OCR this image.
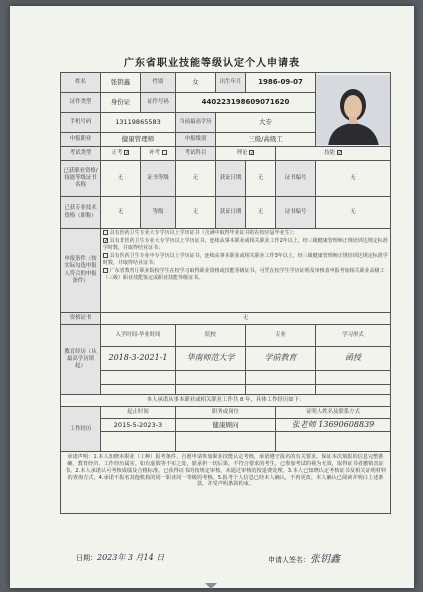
广东省职业技能等级认定个人申请表
姓名	张钥鑫	性别	女	出生年月	1986-09-07	

证件类型	身份证	证件号码	440223198609071620				
手机号码	13119865583		当前最高学历	大专			
申报职业	健康管理师		申报级别	三级/高级工			
考试类型	正考 ✓	补考	考试科目	理论 ✓		技能 ✓	
已获职业资格/技能等级证书名称	无	证书等级	无	获证日期	无	证书编号	无
已获专业技术资格（职称）	无	等级	无	获证日期	无	证书编号	无
申报条件（按实际勾选申报人符合的申报条件）	具有医药卫生专业大专学历以上学历证书（含满中取得毕业证书的在校应届毕业生）；
✓ 具有非医药卫生专业大专学历以上学历证书，连续从事本职业或相关职业工作2年以上，经三级健康管理师正规培训达规定标准学时数，并取得结业证书；
具有医药卫生专业中专学历以上学历证书，连续从事本职业或相关职业工作3年以上，经三级健康管理师正规培训达规定标准学时数，并取得结业证书；
广东省教育厅职业院校学生在校学习取得职业资格或技能等级证书，可凭在校学生学历证明及审核表申报考加相关职业高级工（三级）职业技能鉴定或职业技能等级证书。						

资格证书	无						
教育经历（从最高学历填起）	入学时间-毕业时间		院校		专业		学习形式
	2018-3-2021-1		华南师范大学		学前教育		函授

本人承诺从事本职业或相关职业工作共 8 年，具体工作经历如下：							
工作经历	起止时间		职务或岗位			证明人姓名及联系方式	
	2015-5-2023-3		健康顾问			张老师 13690608839	

承诺声明：1.本人知晓本职业（工种）报考条件，自愿申请参加职业技能认定考核，承诺遵守报名的有关要求，保证本次填报的信息完整准确，教育经历、工作经历属实。如有虚假等不实之处，愿承担一切后果，不符合要求的考生，已参加考试的视为无效，取得证书者撤销其证书。2.本人承诺认可考核成绩及合格标准。已获得证书的按规定审核，未通过审核的按退费处理。3.本人已知晓认定考核证书及相关证明材料的查询方式。4.承诺不报名其他机构的同一职业同一等级的考核。5.报考个人信息已经本人确认，不再更改。本人确认已阅读并明白上述条款，并受声明条款约束。							
日期：2023年 3 月14 日	申请人签名：张钥鑫
